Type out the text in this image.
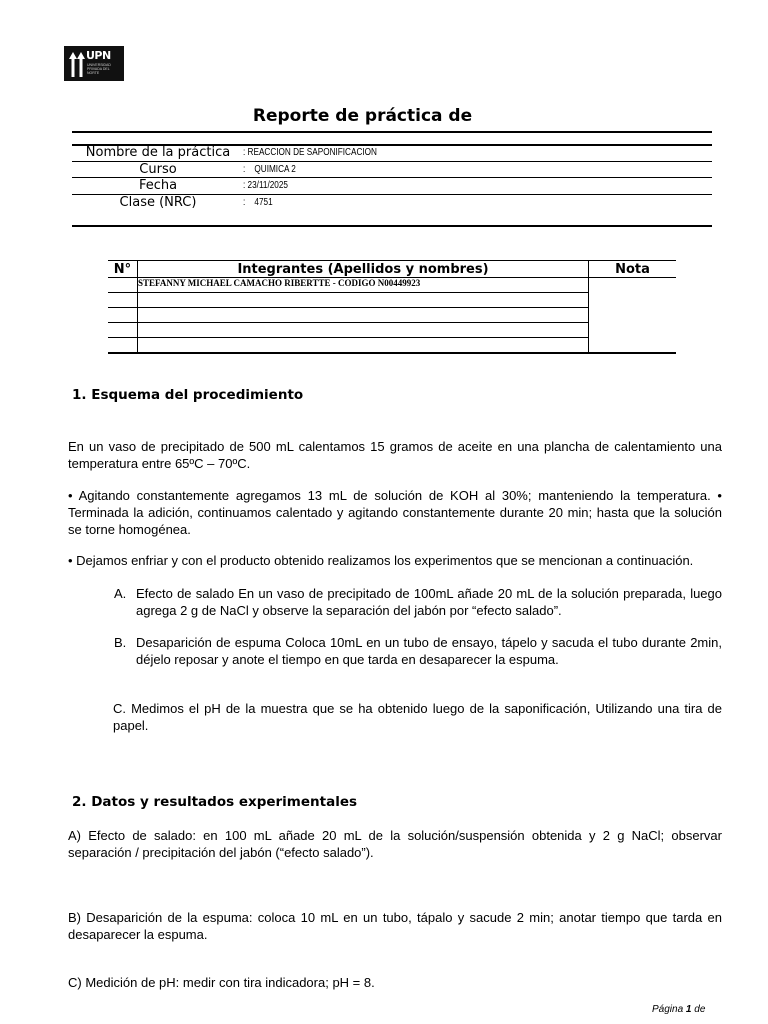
UPN
UNIVERSIDAD PRIVADA DEL NORTE
Reporte de práctica de
Nombre de la práctica	: REACCION DE SAPONIFICACION
Curso	:    QUIMICA 2
Fecha	: 23/11/2025
Clase (NRC)	:    4751
N°	Integrantes (Apellidos y nombres)	Nota

	STEFANNY MICHAEL CAMACHO RIBERTTE - CODIGO N00449923	

1. Esquema del procedimiento
En un vaso de precipitado de 500 mL calentamos 15 gramos de aceite en una plancha de calentamiento una temperatura entre 65ºC – 70ºC.
• Agitando constantemente agregamos 13 mL de solución de KOH al 30%; manteniendo la temperatura. • Terminada la adición, continuamos calentado y agitando constantemente durante 20 min; hasta que la solución se torne homogénea.
• Dejamos enfriar y con el producto obtenido realizamos los experimentos que se mencionan a continuación.
A. Efecto de salado En un vaso de precipitado de 100mL añade 20 mL de la solución preparada, luego agrega 2 g de NaCl y observe la separación del jabón por “efecto salado”.
B. Desaparición de espuma Coloca 10mL en un tubo de ensayo, tápelo y sacuda el tubo durante 2min, déjelo reposar y anote el tiempo en que tarda en desaparecer la espuma.
C. Medimos el pH de la muestra que se ha obtenido luego de la saponificación, Utilizando una tira de papel.
2. Datos y resultados experimentales
A) Efecto de salado: en 100 mL añade 20 mL de la solución/suspensión obtenida y 2 g NaCl; observar separación / precipitación del jabón (“efecto salado”).
B) Desaparición de la espuma: coloca 10 mL en un tubo, tápalo y sacude 2 min; anotar tiempo que tarda en desaparecer la espuma.
C) Medición de pH: medir con tira indicadora; pH = 8.
Página 1 de
